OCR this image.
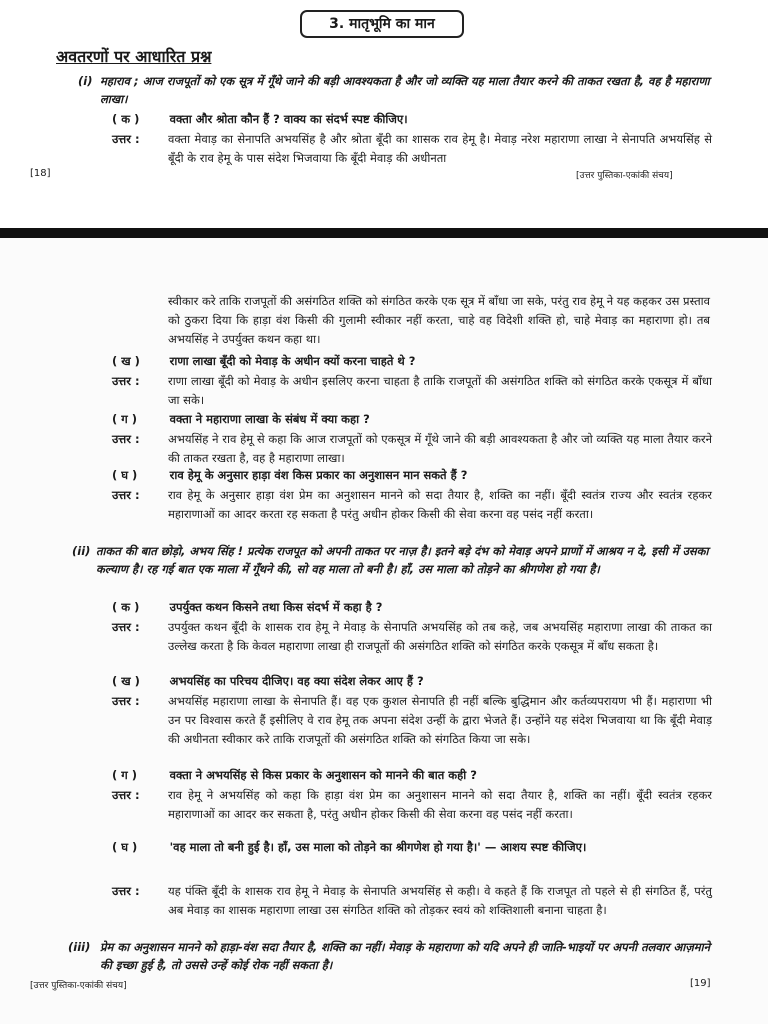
3. मातृभूमि का मान
अवतरणों पर आधारित प्रश्न
(i) महाराव ; आज राजपूतों को एक सूत्र में गूँथे जाने की बड़ी आवश्यकता है और जो व्यक्ति यह माला तैयार करने की ताकत रखता है, वह है महाराणा लाखा।
( क )	वक्ता और श्रोता कौन हैं ? वाक्य का संदर्भ स्पष्ट कीजिए।
उत्तर : वक्ता मेवाड़ का सेनापति अभयसिंह है और श्रोता बूँदी का शासक राव हेमू है। मेवाड़ नरेश महाराणा लाखा ने सेनापति अभयसिंह से बूँदी के राव हेमू के पास संदेश भिजवाया कि बूँदी मेवाड़ की अधीनता
[18]	[उत्तर पुस्तिका-एकांकी संचय]
स्वीकार करे ताकि राजपूतों की असंगठित शक्ति को संगठित करके एक सूत्र में बाँधा जा सके, परंतु राव हेमू ने यह कहकर उस प्रस्ताव को ठुकरा दिया कि हाड़ा वंश किसी की गुलामी स्वीकार नहीं करता, चाहे वह विदेशी शक्ति हो, चाहे मेवाड़ का महाराणा हो। तब अभयसिंह ने उपर्युक्त कथन कहा था।
( ख )	राणा लाखा बूँदी को मेवाड़ के अधीन क्यों करना चाहते थे ?
उत्तर : राणा लाखा बूँदी को मेवाड़ के अधीन इसलिए करना चाहता है ताकि राजपूतों की असंगठित शक्ति को संगठित करके एकसूत्र में बाँधा जा सके।
( ग )	वक्ता ने महाराणा लाखा के संबंध में क्या कहा ?
उत्तर : अभयसिंह ने राव हेमू से कहा कि आज राजपूतों को एकसूत्र में गूँथे जाने की बड़ी आवश्यकता है और जो व्यक्ति यह माला तैयार करने की ताकत रखता है, वह है महाराणा लाखा।
( घ )	राव हेमू के अनुसार हाड़ा वंश किस प्रकार का अनुशासन मान सकते हैं ?
उत्तर : राव हेमू के अनुसार हाड़ा वंश प्रेम का अनुशासन मानने को सदा तैयार है, शक्ति का नहीं। बूँदी स्वतंत्र राज्य और स्वतंत्र रहकर महाराणाओं का आदर करता रह सकता है परंतु अधीन होकर किसी की सेवा करना वह पसंद नहीं करता।
(ii) ताकत की बात छोड़ो, अभय सिंह ! प्रत्येक राजपूत को अपनी ताकत पर नाज़ है। इतने बड़े दंभ को मेवाड़ अपने प्राणों में आश्रय न दे, इसी में उसका कल्याण है। रह गई बात एक माला में गूँथने की, सो वह माला तो बनी है। हाँ, उस माला को तोड़ने का श्रीगणेश हो गया है।
( क )	उपर्युक्त कथन किसने तथा किस संदर्भ में कहा है ?
उत्तर : उपर्युक्त कथन बूँदी के शासक राव हेमू ने मेवाड़ के सेनापति अभयसिंह को तब कहे, जब अभयसिंह महाराणा लाखा की ताकत का उल्लेख करता है कि केवल महाराणा लाखा ही राजपूतों की असंगठित शक्ति को संगठित करके एकसूत्र में बाँध सकता है।
( ख )	अभयसिंह का परिचय दीजिए। वह क्या संदेश लेकर आए हैं ?
उत्तर : अभयसिंह महाराणा लाखा के सेनापति हैं। वह एक कुशल सेनापति ही नहीं बल्कि बुद्धिमान और कर्तव्यपरायण भी हैं। महाराणा भी उन पर विश्वास करते हैं इसीलिए वे राव हेमू तक अपना संदेश उन्हीं के द्वारा भेजते हैं। उन्होंने यह संदेश भिजवाया था कि बूँदी मेवाड़ की अधीनता स्वीकार करे ताकि राजपूतों की असंगठित शक्ति को संगठित किया जा सके।
( ग )	वक्ता ने अभयसिंह से किस प्रकार के अनुशासन को मानने की बात कही ?
उत्तर : राव हेमू ने अभयसिंह को कहा कि हाड़ा वंश प्रेम का अनुशासन मानने को सदा तैयार है, शक्ति का नहीं। बूँदी स्वतंत्र रहकर महाराणाओं का आदर कर सकता है, परंतु अधीन होकर किसी की सेवा करना वह पसंद नहीं करता।
( घ )	'वह माला तो बनी हुई है। हाँ, उस माला को तोड़ने का श्रीगणेश हो गया है।' — आशय स्पष्ट कीजिए।
उत्तर : यह पंक्ति बूँदी के शासक राव हेमू ने मेवाड़ के सेनापति अभयसिंह से कही। वे कहते हैं कि राजपूत तो पहले से ही संगठित हैं, परंतु अब मेवाड़ का शासक महाराणा लाखा उस संगठित शक्ति को तोड़कर स्वयं को शक्तिशाली बनाना चाहता है।
(iii) प्रेम का अनुशासन मानने को हाड़ा-वंश सदा तैयार है, शक्ति का नहीं। मेवाड़ के महाराणा को यदि अपने ही जाति-भाइयों पर अपनी तलवार आज़माने की इच्छा हुई है, तो उससे उन्हें कोई रोक नहीं सकता है।
[उत्तर पुस्तिका-एकांकी संचय]	[19]
